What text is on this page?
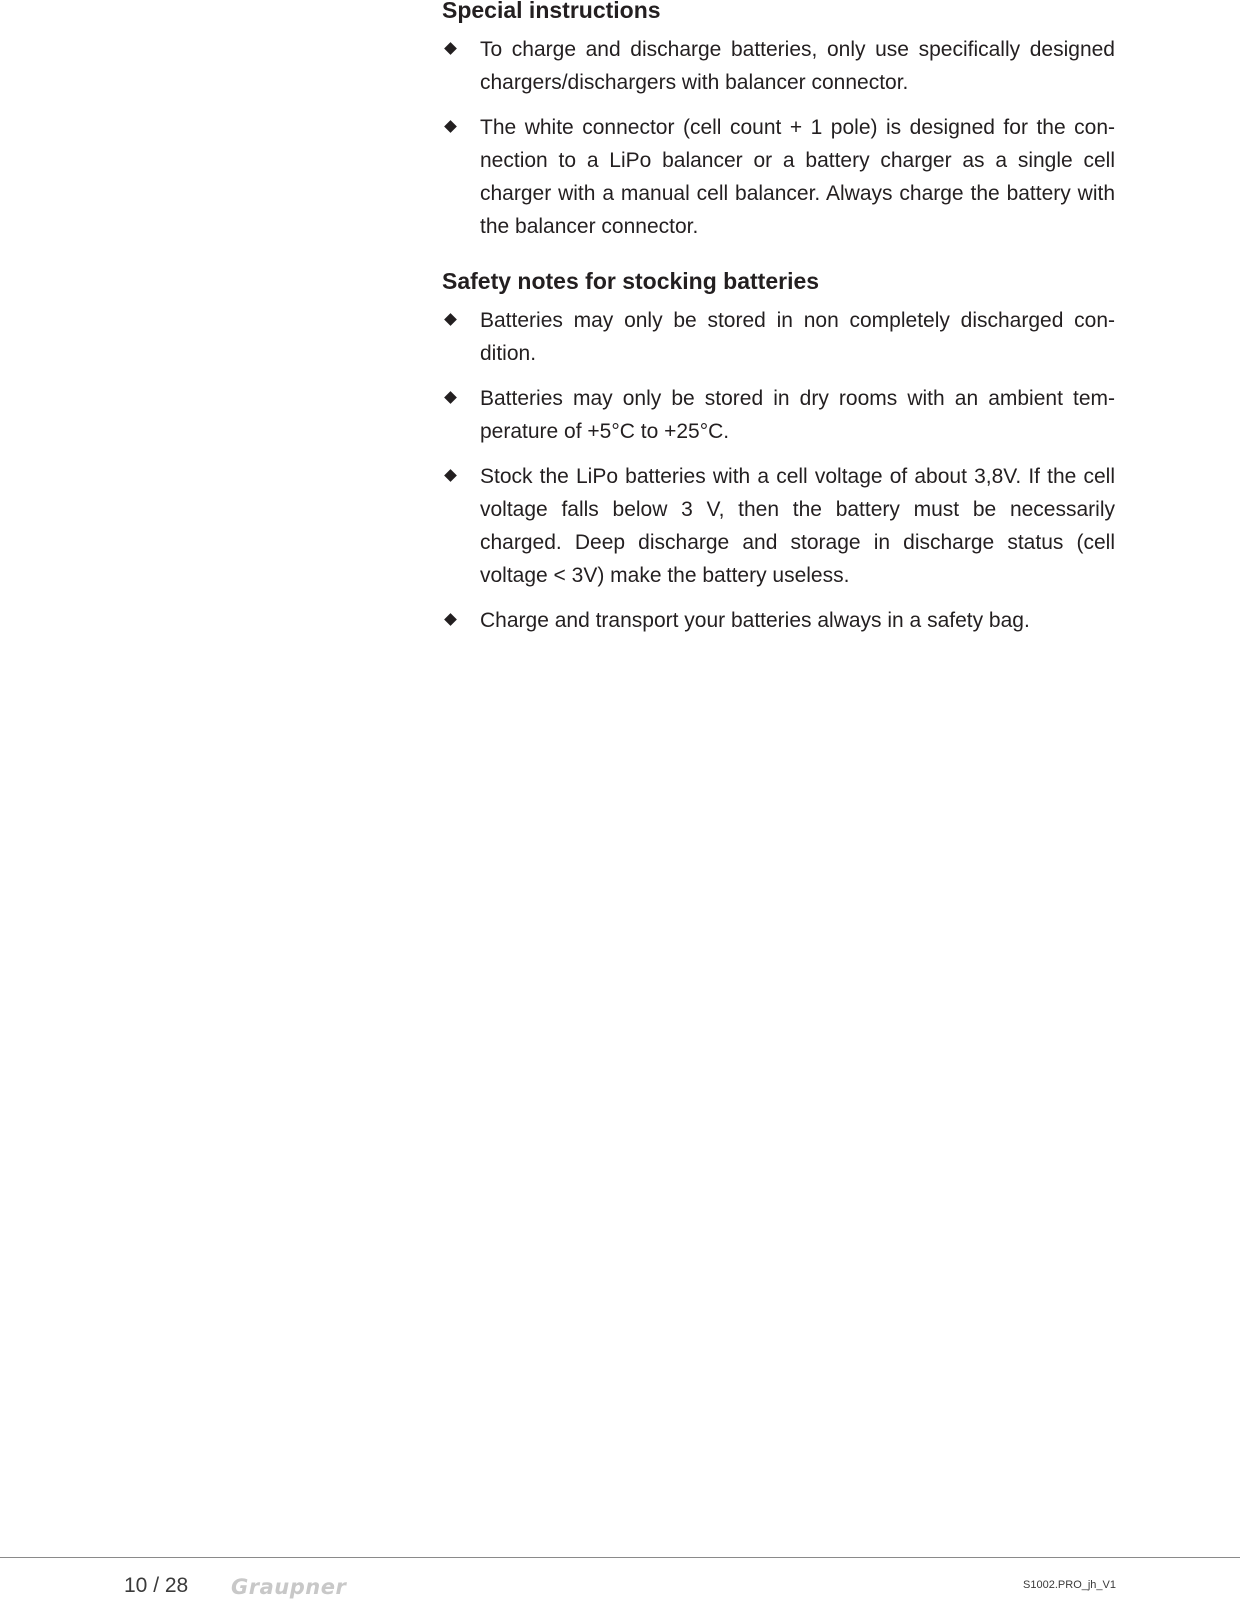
Special instructions
To charge and discharge batteries, only use specifically designed chargers/dischargers with balancer connector.
The white connector (cell count + 1 pole) is designed for the con-nection to a LiPo balancer or a battery charger as a single cell charger with a manual cell balancer. Always charge the battery with the balancer connector.
Safety notes for stocking batteries
Batteries may only be stored in non completely discharged con-dition.
Batteries may only be stored in dry rooms with an ambient tem-perature of +5°C to +25°C.
Stock the LiPo batteries with a cell voltage of about 3,8V. If the cell voltage falls below 3 V, then the battery must be necessarily charged. Deep discharge and storage in discharge status (cell voltage < 3V) make the battery useless.
Charge and transport your batteries always in a safety bag.
10 / 28 Graupner	S1002.PRO_jh_V1
